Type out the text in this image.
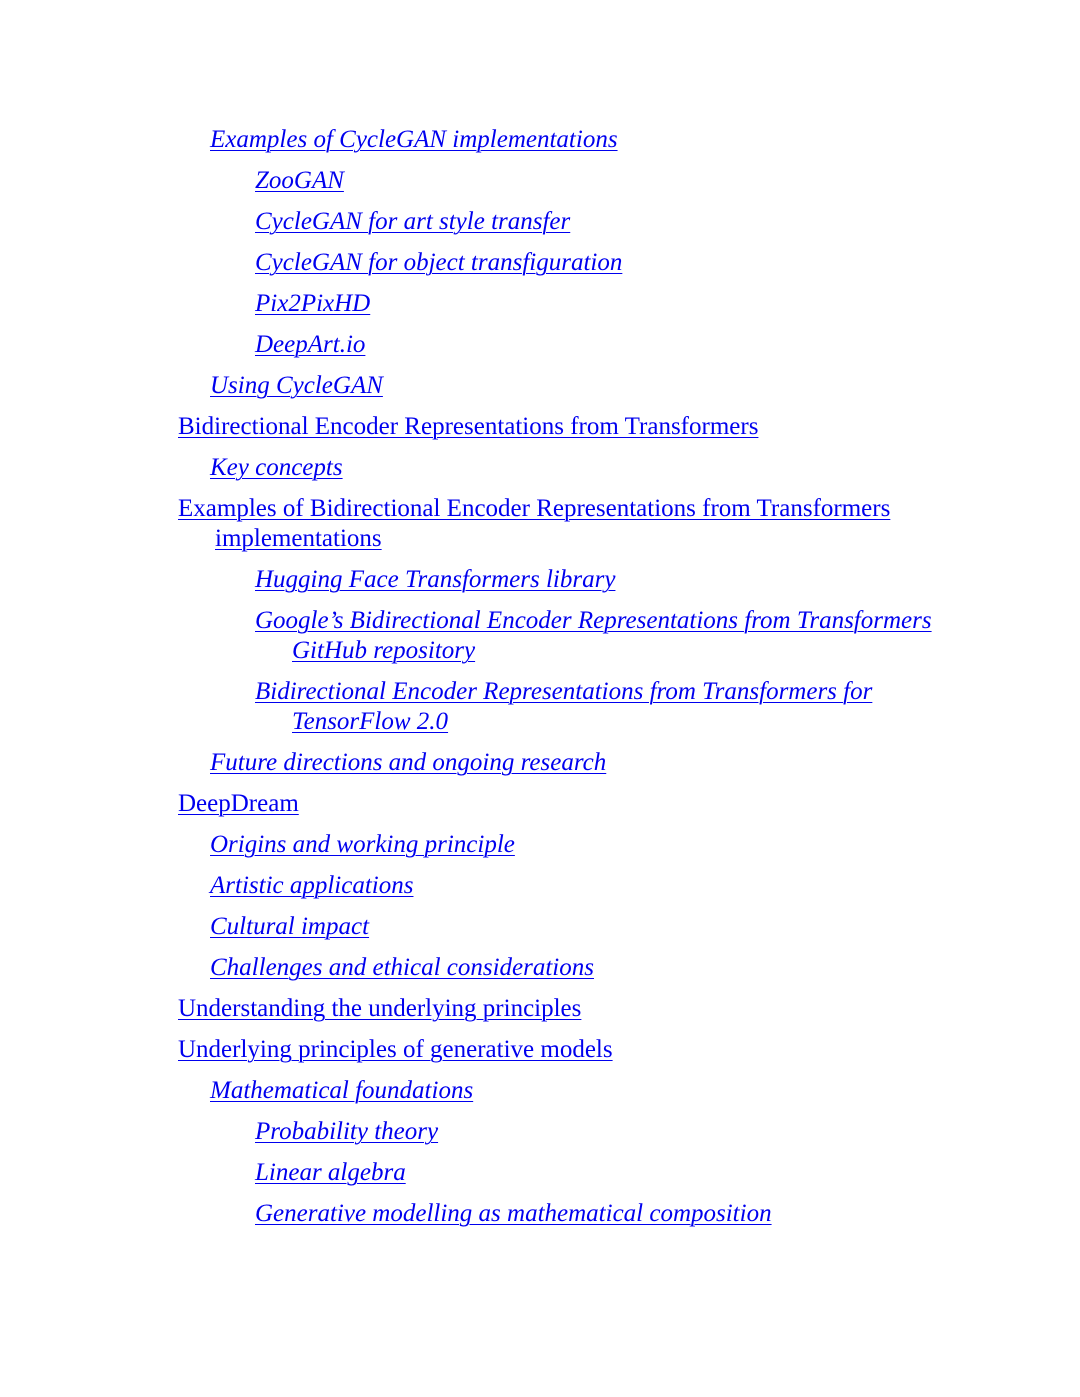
Examples of CycleGAN implementations
ZooGAN
CycleGAN for art style transfer
CycleGAN for object transfiguration
Pix2PixHD
DeepArt.io
Using CycleGAN
Bidirectional Encoder Representations from Transformers
Key concepts
Examples of Bidirectional Encoder Representations from Transformers implementations
Hugging Face Transformers library
Google’s Bidirectional Encoder Representations from Transformers GitHub repository
Bidirectional Encoder Representations from Transformers for TensorFlow 2.0
Future directions and ongoing research
DeepDream
Origins and working principle
Artistic applications
Cultural impact
Challenges and ethical considerations
Understanding the underlying principles
Underlying principles of generative models
Mathematical foundations
Probability theory
Linear algebra
Generative modelling as mathematical composition
